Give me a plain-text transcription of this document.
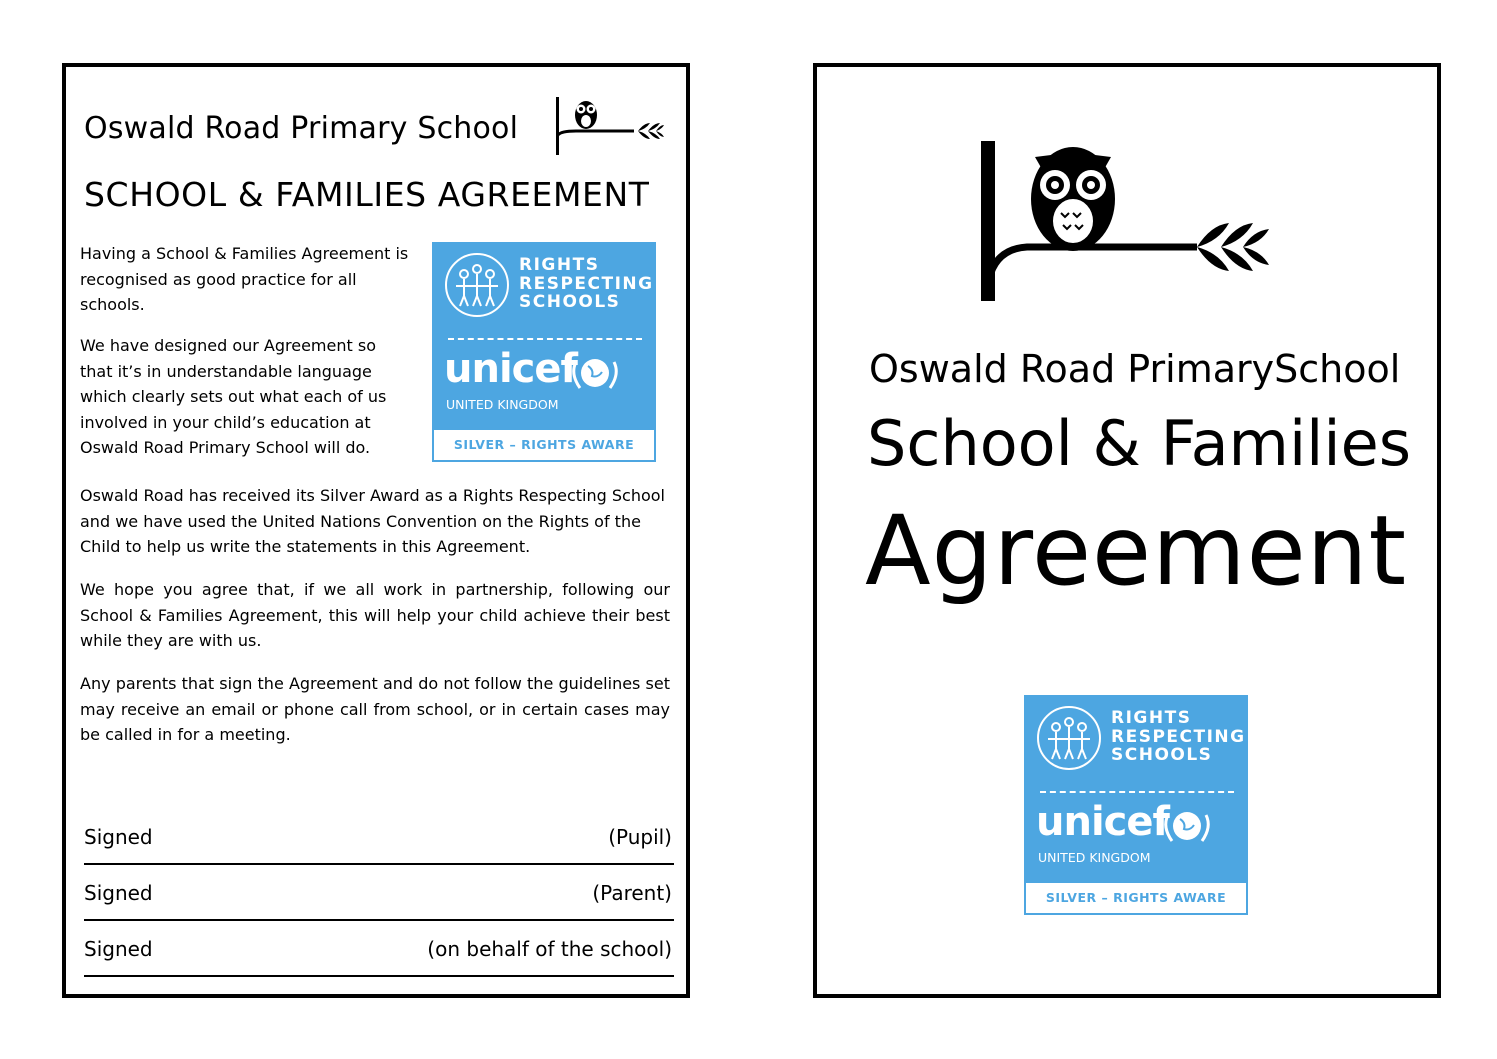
Oswald Road Primary School
SCHOOL & FAMILIES AGREEMENT

Having a School & Families Agreement is recognised as good practice for all schools.

We have designed our Agreement so that it’s in understandable language which clearly sets out what each of us involved in your child’s education at Oswald Road Primary School will do.

Oswald Road has received its Silver Award as a Rights Respecting School and we have used the United Nations Convention on the Rights of the Child to help us write the statements in this Agreement.

We hope you agree that, if we all work in partnership, following our School & Families Agreement, this will help your child achieve their best while they are with us.

Any parents that sign the Agreement and do not follow the guidelines set may receive an email or phone call from school, or in certain cases may be called in for a meeting.

RIGHTS
RESPECTING
SCHOOLS
unicef
UNITED KINGDOM
SILVER – RIGHTS AWARE
Signed	(Pupil)
Signed	(Parent)
Signed	(on behalf of the school)
Oswald Road PrimarySchool
School & Families
Agreement
RIGHTS
RESPECTING
SCHOOLS
unicef
UNITED KINGDOM
SILVER – RIGHTS AWARE
